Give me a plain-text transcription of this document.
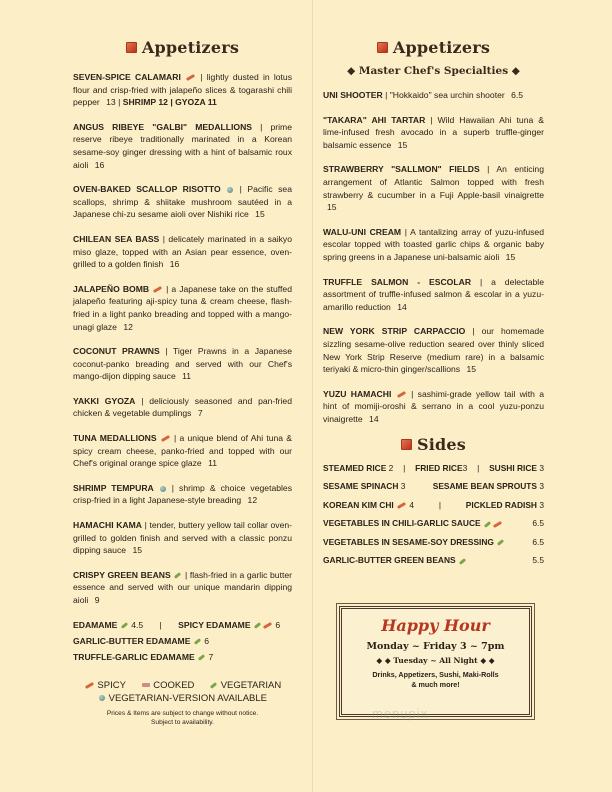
Appetizers

SEVEN-SPICE CALAMARI  | lightly dusted in lotus flour and crisp-fried with jalapeño slices & togarashi chili pepper 13 | SHRIMP 12 | GYOZA 11

ANGUS RIBEYE "GALBI" MEDALLIONS | prime reserve ribeye traditionally marinated in a Korean sesame-soy ginger dressing with a hint of balsamic roux aioli 16

OVEN-BAKED SCALLOP RISOTTO  | Pacific sea scallops, shrimp & shiitake mushroom sautéed in a Japanese chi-zu sesame aioli over Nishiki rice 15

CHILEAN SEA BASS | delicately marinated in a saikyo miso glaze, topped with an Asian pear essence, oven-grilled to a golden finish 16

JALAPEÑO BOMB  | a Japanese take on the stuffed jalapeño featuring aji-spicy tuna & cream cheese, flash-fried in a light panko breading and topped with a mango-unagi glaze 12

COCONUT PRAWNS | Tiger Prawns in a Japanese coconut-panko breading and served with our Chef's mango-dijon dipping sauce 11

YAKKI GYOZA | deliciously seasoned and pan-fried chicken & vegetable dumplings 7

TUNA MEDALLIONS  | a unique blend of Ahi tuna & spicy cream cheese, panko-fried and topped with our Chef's original orange spice glaze 11

SHRIMP TEMPURA  | shrimp & choice vegetables crisp-fried in a light Japanese-style breading 12

HAMACHI KAMA | tender, buttery yellow tail collar oven-grilled to golden finish and served with a classic ponzu dipping sauce 15

CRISPY GREEN BEANS  | flash-fried in a garlic butter essence and served with our unique mandarin dipping aioli 9

EDAMAME 4.5 | SPICY EDAMAME	6
GARLIC-BUTTER EDAMAME 6
TRUFFLE-GARLIC EDAMAME 7
SPICY	COOKED	VEGETARIAN
VEGETARIAN-VERSION AVAILABLE
Prices & Items are subject to change without notice.
Subject to availability.
Appetizers
◆ Master Chef's Specialties ◆

UNI SHOOTER | "Hokkaido" sea urchin shooter 6.5

"TAKARA" AHI TARTAR | Wild Hawaiian Ahi tuna & lime-infused fresh avocado in a superb truffle-ginger balsamic essence 15

STRAWBERRY "SALLMON" FIELDS | An enticing arrangement of Atlantic Salmon topped with fresh strawberry & cucumber in a Fuji Apple-basil vinaigrette 15

WALU-UNI CREAM | A tantalizing array of yuzu-infused escolar topped with toasted garlic chips & organic baby spring greens in a Japanese uni-balsamic aioli 15

TRUFFLE SALMON - ESCOLAR | a delectable assortment of truffle-infused salmon & escolar in a yuzu-amarillo reduction 14

NEW YORK STRIP CARPACCIO | our homemade sizzling sesame-olive reduction seared over thinly sliced New York Strip Reserve (medium rare) in a balsamic teriyaki & micro-thin ginger/scallions 15

YUZU HAMACHI  | sashimi-grade yellow tail with a hint of momiji-oroshi & serrano in a cool yuzu-ponzu vinaigrette 14

Sides
STEAMED RICE 2 | FRIED RICE3 | SUSHI RICE 3
SESAME SPINACH 3	SESAME BEAN SPROUTS 3
KOREAN KIM CHI 4	|	PICKLED RADISH 3
VEGETABLES IN CHILI-GARLIC SAUCE	6.5
VEGETABLES IN SESAME-SOY DRESSING	6.5
GARLIC-BUTTER GREEN BEANS	5.5
Happy Hour
Monday ~ Friday 3 ~ 7pm
◆ ◆ Tuesday ~ All Night ◆ ◆
Drinks, Appetizers, Sushi, Maki-Rolls
& much more!
menupix
